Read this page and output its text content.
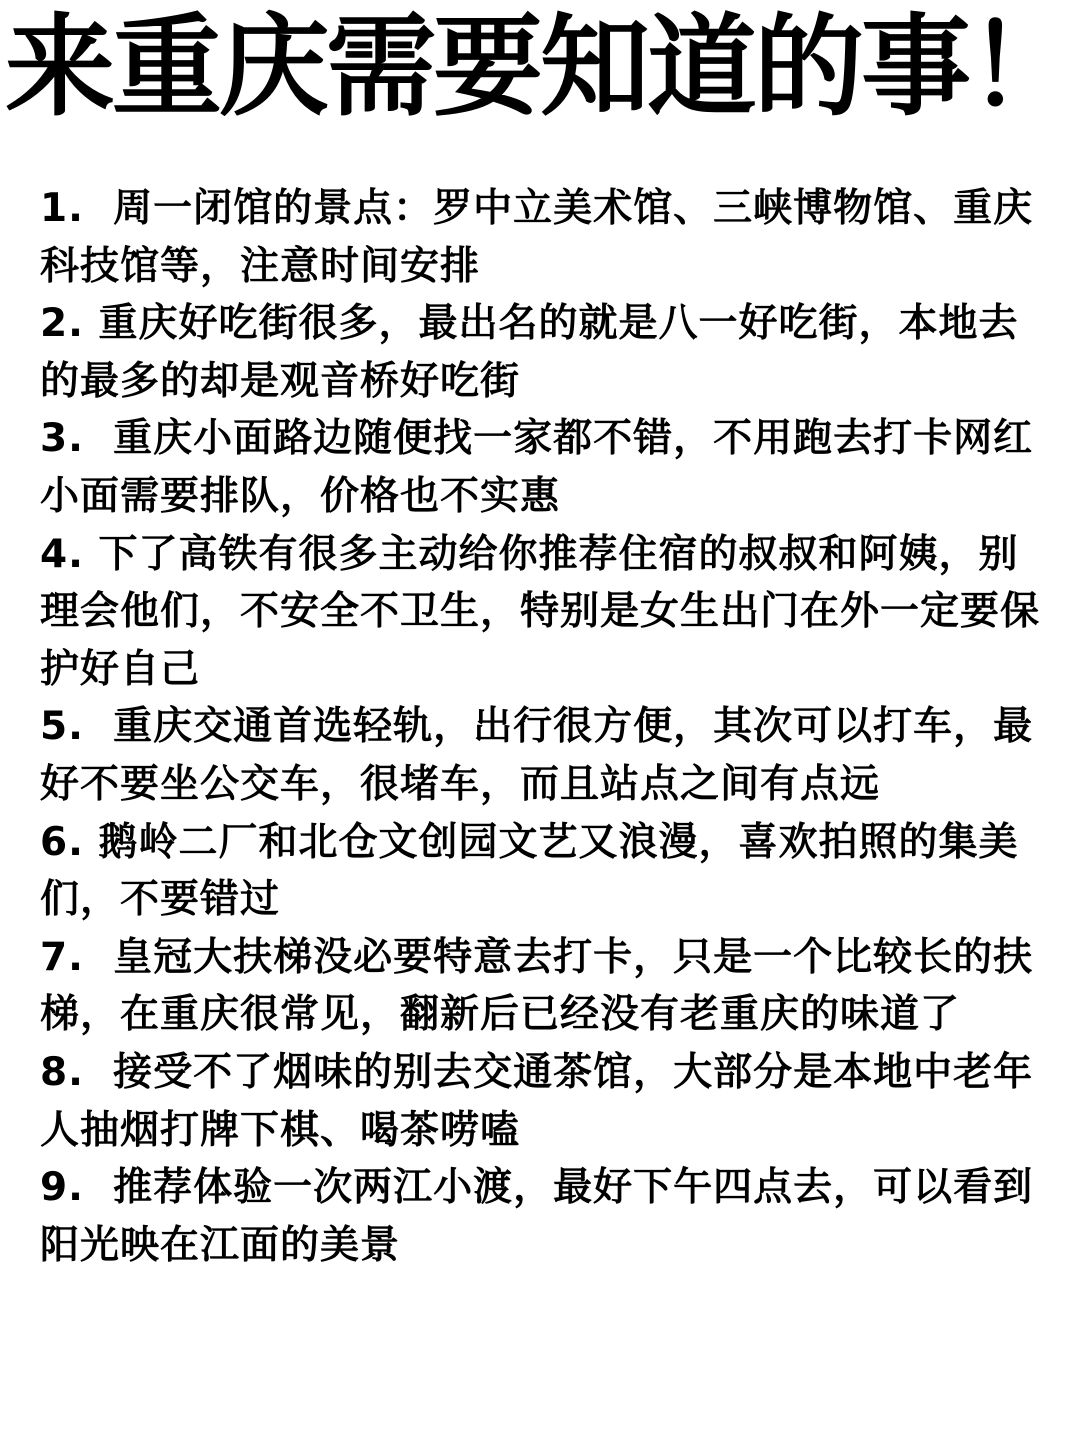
来重庆需要知道的事！
1.  周一闭馆的景点：罗中立美术馆、三峡博物馆、重庆科技馆等，注意时间安排
2. 重庆好吃街很多，最出名的就是八一好吃街，本地去的最多的却是观音桥好吃街
3.  重庆小面路边随便找一家都不错，不用跑去打卡网红小面需要排队，价格也不实惠
4. 下了高铁有很多主动给你推荐住宿的叔叔和阿姨，别理会他们，不安全不卫生，特别是女生出门在外一定要保护好自己
5.  重庆交通首选轻轨，出行很方便，其次可以打车，最好不要坐公交车，很堵车，而且站点之间有点远
6. 鹅岭二厂和北仓文创园文艺又浪漫，喜欢拍照的集美们，不要错过
7.  皇冠大扶梯没必要特意去打卡，只是一个比较长的扶梯，在重庆很常见，翻新后已经没有老重庆的味道了
8.  接受不了烟味的别去交通茶馆，大部分是本地中老年人抽烟打牌下棋、喝茶唠嗑
9.  推荐体验一次两江小渡，最好下午四点去，可以看到阳光映在江面的美景
